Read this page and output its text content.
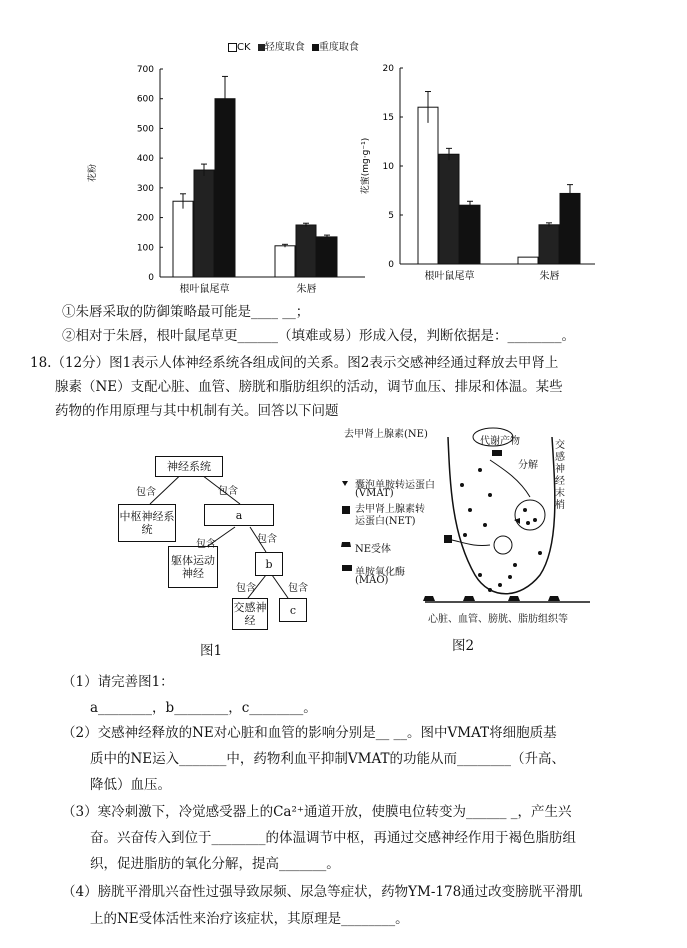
CK 轻度取食 重度取食
700
600
500
400
300
200
100
0
花粉
根叶鼠尾草	朱唇
20
15
10
5
0
花蜜(mg·g⁻¹)
根叶鼠尾草	朱唇
①朱唇采取的防御策略最可能是____ __；
②相对于朱唇，根叶鼠尾草更______（填难或易）形成入侵，判断依据是：________。
18.（12分）图1表示人体神经系统各组成间的关系。图2表示交感神经通过释放去甲肾上
腺素（NE）支配心脏、血管、膀胱和脂肪组织的活动，调节血压、排尿和体温。某些
药物的作用原理与其中机制有关。回答以下问题
神经系统
中枢神经系统
a
躯体运动神经
b
交感神经
c
包含	包含
包含	包含
包含	包含
图1
去甲肾上腺素(NE)
囊泡单胺转运蛋白
(VMAT)
去甲肾上腺素转
运蛋白(NET)
NE受体
单胺氧化酶
(MAO)
代谢产物
分解
交感神经末梢
心脏、血管、膀胱、脂肪组织等
图2
（1）请完善图1：
a________，b________，c________。
（2）交感神经释放的NE对心脏和血管的影响分别是__ __。图中VMAT将细胞质基
质中的NE运入_______中，药物利血平抑制VMAT的功能从而________（升高、
降低）血压。
（3）寒冷刺激下，冷觉感受器上的Ca²⁺通道开放，使膜电位转变为______ _，产生兴
奋。兴奋传入到位于________的体温调节中枢，再通过交感神经作用于褐色脂肪组
织，促进脂肪的氧化分解，提高_______。
（4）膀胱平滑肌兴奋性过强导致尿频、尿急等症状，药物YM-178通过改变膀胱平滑肌
上的NE受体活性来治疗该症状，其原理是________。
